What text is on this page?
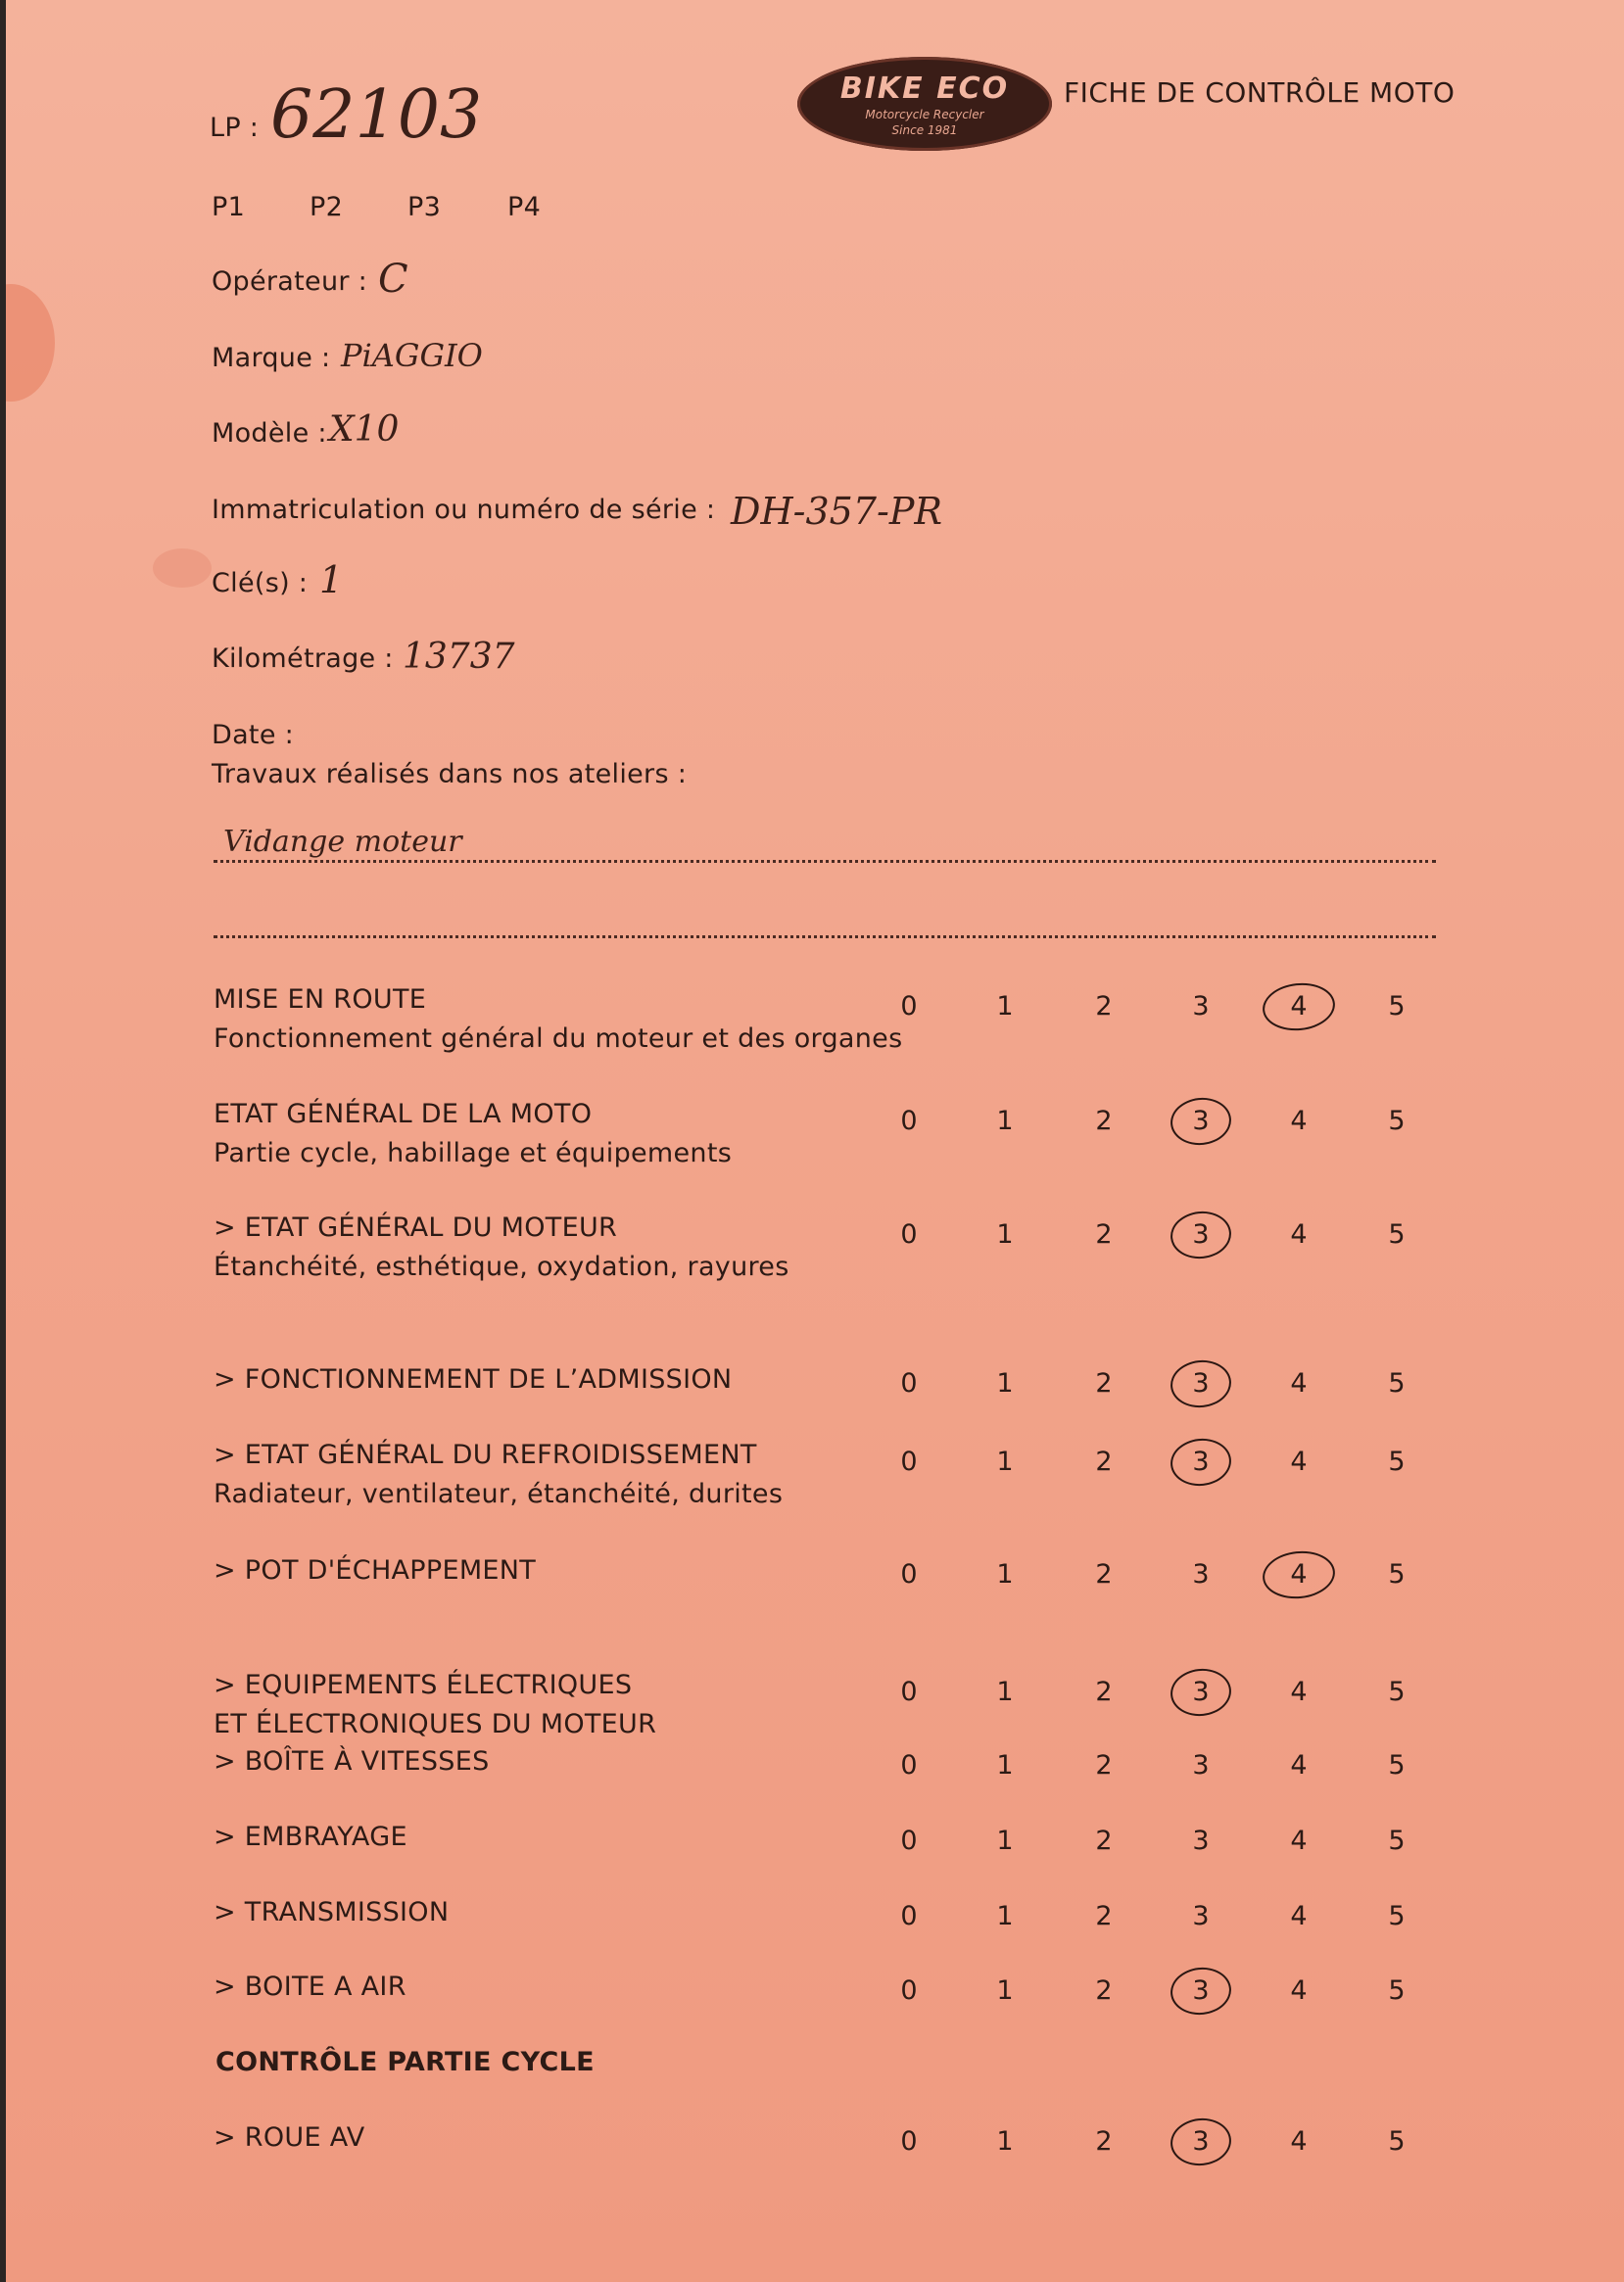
BIKE ECO
Motorcycle Recycler
Since 1981
FICHE DE CONTRÔLE MOTO
LP : 62103
P1 P2 P3	P4
Opérateur : C
Marque : PiAGGIO
Modèle : X10
Immatriculation ou numéro de série : DH-357-PR
Clé(s) : 1
Kilométrage : 13737
Date :
Travaux réalisés dans nos ateliers :
Vidange moteur
MISE EN ROUTE
Fonctionnement général du moteur et des organes
0	1	2	3	4	5
ETAT GÉNÉRAL DE LA MOTO
Partie cycle, habillage et équipements
0	1	2	3	4	5
> ETAT GÉNÉRAL DU MOTEUR
Étanchéité, esthétique, oxydation, rayures
0	1	2	3	4	5
> FONCTIONNEMENT DE L’ADMISSION	0	1	2	3	4	5
> ETAT GÉNÉRAL DU REFROIDISSEMENT
Radiateur, ventilateur, étanchéité, durites
0	1	2	3	4	5
> POT D'ÉCHAPPEMENT	0	1	2	3	4	5
> EQUIPEMENTS ÉLECTRIQUES
ET ÉLECTRONIQUES DU MOTEUR
0	1	2	3	4	5
> BOÎTE À VITESSES	0	1	2	3	4	5
> EMBRAYAGE	0	1	2	3	4	5
> TRANSMISSION	0	1	2	3	4	5
> BOITE A AIR	0	1	2	3	4	5
CONTRÔLE PARTIE CYCLE
> ROUE AV	0	1	2	3	4	5
